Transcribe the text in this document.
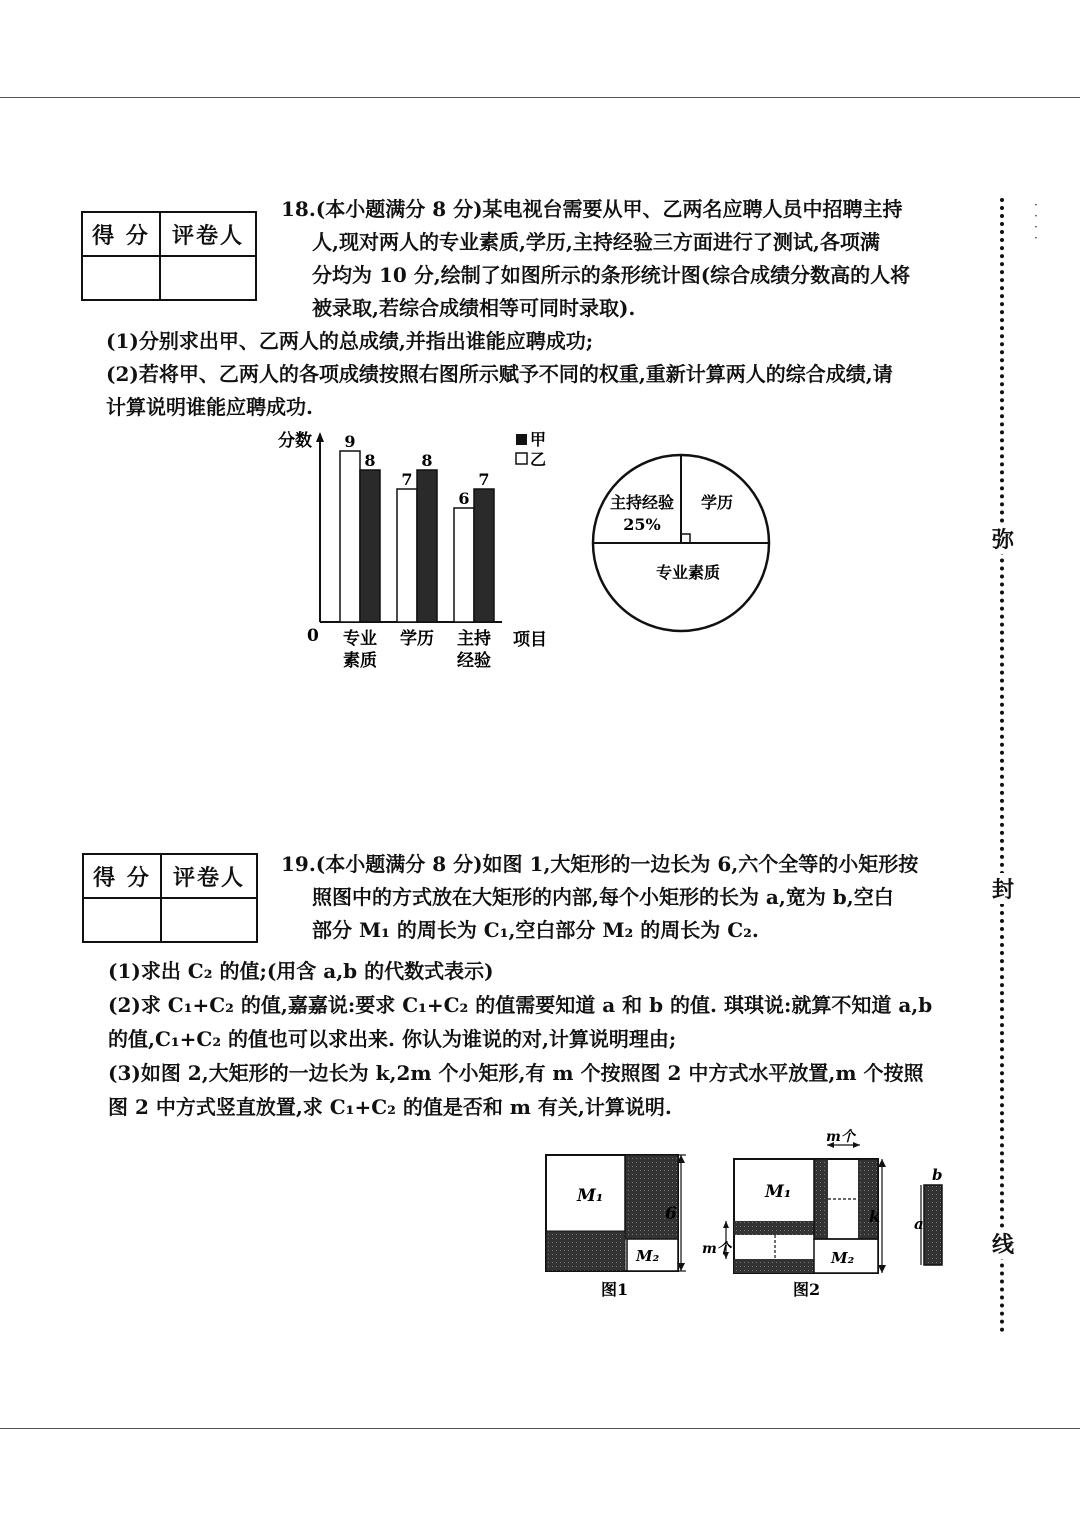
得 分	评卷人

18.(本小题满分 8 分)某电视台需要从甲、乙两名应聘人员中招聘主持

人,现对两人的专业素质,学历,主持经验三方面进行了测试,各项满

分均为 10 分,绘制了如图所示的条形统计图(综合成绩分数高的人将

被录取,若综合成绩相等可同时录取).

(1)分别求出甲、乙两人的总成绩,并指出谁能应聘成功;

(2)若将甲、乙两人的各项成绩按照右图所示赋予不同的权重,重新计算两人的综合成绩,请

计算说明谁能应聘成功.

分数
0	项目
9
8
7
8
6
7
专业
素质
学历 主持
经验
甲
乙
主持经验
25%
学历
专业素质
得 分	评卷人

19.(本小题满分 8 分)如图 1,大矩形的一边长为 6,六个全等的小矩形按

照图中的方式放在大矩形的内部,每个小矩形的长为 a,宽为 b,空白

部分 M₁ 的周长为 C₁,空白部分 M₂ 的周长为 C₂.

(1)求出 C₂ 的值;(用含 a,b 的代数式表示)

(2)求 C₁+C₂ 的值,嘉嘉说:要求 C₁+C₂ 的值需要知道 a 和 b 的值. 琪琪说:就算不知道 a,b

的值,C₁+C₂ 的值也可以求出来. 你认为谁说的对,计算说明理由;

(3)如图 2,大矩形的一边长为 k,2m 个小矩形,有 m 个按照图 2 中方式水平放置,m 个按照

图 2 中方式竖直放置,求 C₁+C₂ 的值是否和 m 有关,计算说明.

M₁
M₂
6
图1
m个
m个
k
M₁
M₂
图2
b
a
弥
封
线
·
·
·
·
